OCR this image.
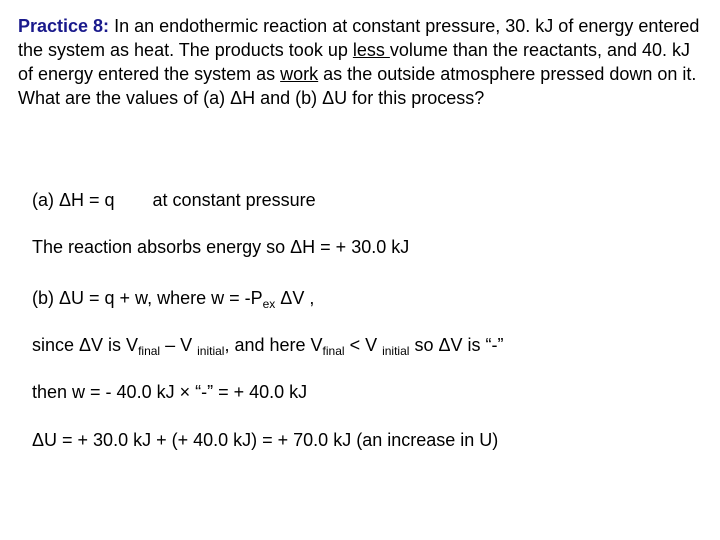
Practice 8: In an endothermic reaction at constant pressure, 30. kJ of energy entered the system as heat. The products took up less volume than the reactants, and 40. kJ of energy entered the system as work as the outside atmosphere pressed down on it. What are the values of (a) ΔH and (b) ΔU for this process?

(a) ΔH = q at constant pressure

The reaction absorbs energy so ΔH = + 30.0 kJ

(b) ΔU = q + w, where $w = -P_{ex}$ ΔV ,

since ΔV is $V_{final}$ – V $_{initial}$, and here $V_{final} < V$ $_{initial}$ so ΔV is “-”

then w = - 40.0 kJ × “-” = + 40.0 kJ

ΔU = + 30.0 kJ + (+ 40.0 kJ) = + 70.0 kJ (an increase in U)
